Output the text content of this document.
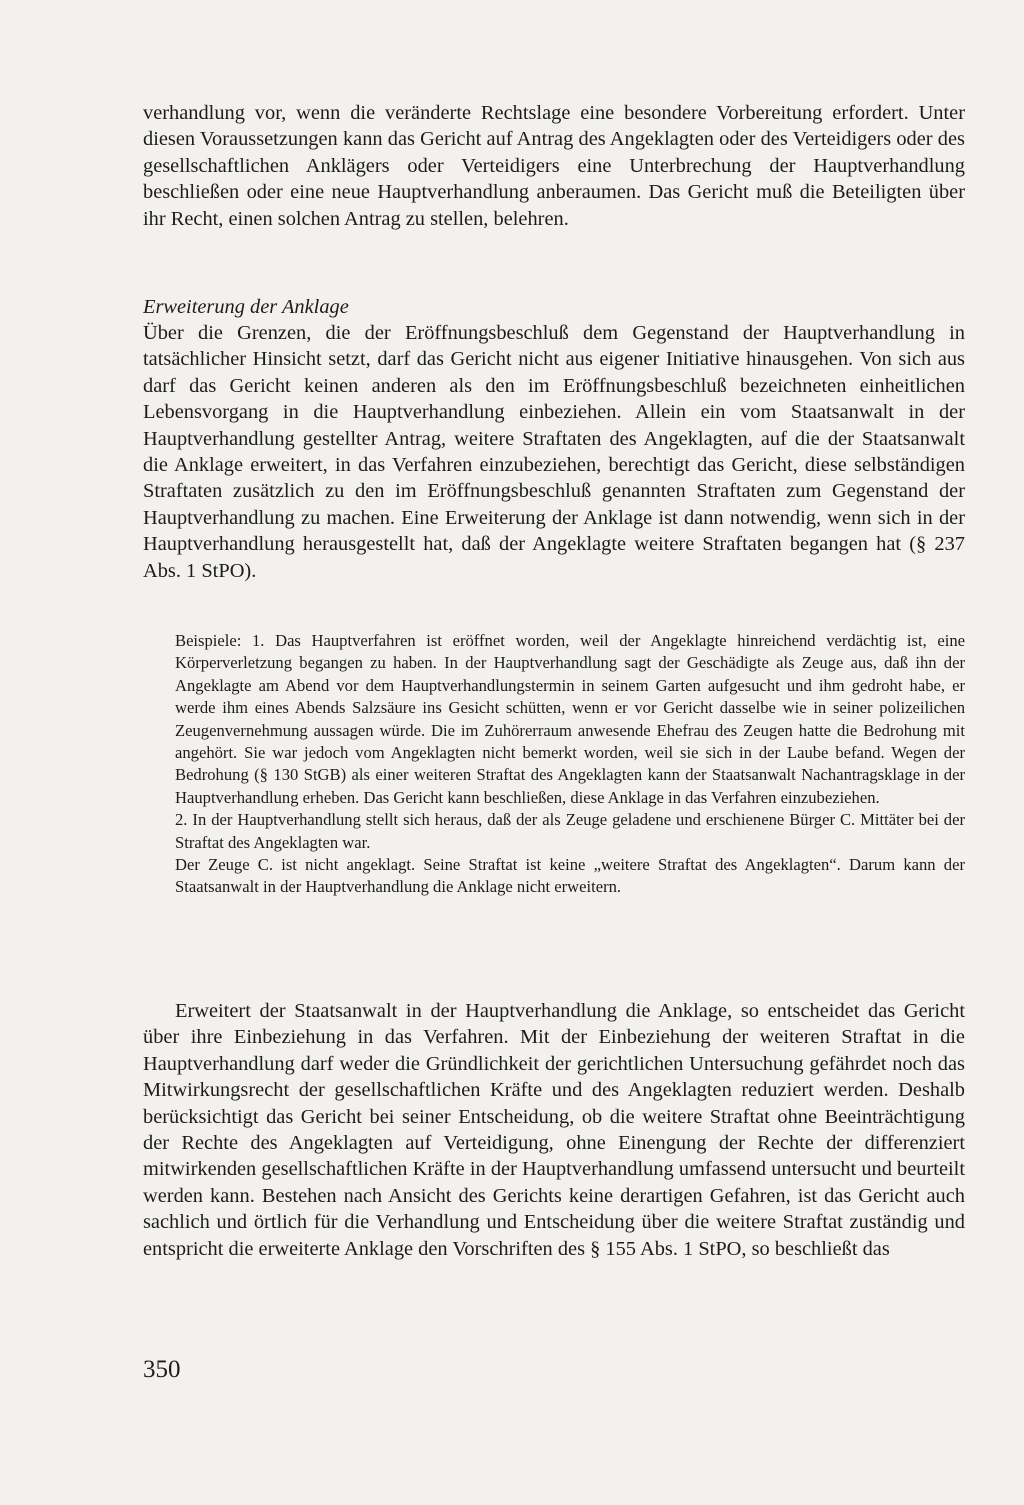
verhandlung vor, wenn die veränderte Rechtslage eine besondere Vorbereitung erfordert. Unter diesen Voraussetzungen kann das Gericht auf Antrag des Angeklagten oder des Verteidigers oder des gesellschaftlichen Anklägers oder Verteidigers eine Unterbrechung der Hauptverhandlung beschließen oder eine neue Hauptverhandlung anberaumen. Das Gericht muß die Beteiligten über ihr Recht, einen solchen Antrag zu stellen, belehren.

Erweiterung der Anklage

Über die Grenzen, die der Eröffnungsbeschluß dem Gegenstand der Hauptverhandlung in tatsächlicher Hinsicht setzt, darf das Gericht nicht aus eigener Initiative hinausgehen. Von sich aus darf das Gericht keinen anderen als den im Eröffnungsbeschluß bezeichneten einheitlichen Lebensvorgang in die Hauptverhandlung einbeziehen. Allein ein vom Staatsanwalt in der Hauptverhandlung gestellter Antrag, weitere Straftaten des Angeklagten, auf die der Staatsanwalt die Anklage erweitert, in das Verfahren einzubeziehen, berechtigt das Gericht, diese selbständigen Straftaten zusätzlich zu den im Eröffnungsbeschluß genannten Straftaten zum Gegenstand der Hauptverhandlung zu machen. Eine Erweiterung der Anklage ist dann notwendig, wenn sich in der Hauptverhandlung herausgestellt hat, daß der Angeklagte weitere Straftaten begangen hat (§ 237 Abs. 1 StPO).

Beispiele: 1. Das Hauptverfahren ist eröffnet worden, weil der Angeklagte hinreichend verdächtig ist, eine Körperverletzung begangen zu haben. In der Hauptverhandlung sagt der Geschädigte als Zeuge aus, daß ihn der Angeklagte am Abend vor dem Hauptverhandlungstermin in seinem Garten aufgesucht und ihm gedroht habe, er werde ihm eines Abends Salzsäure ins Gesicht schütten, wenn er vor Gericht dasselbe wie in seiner polizeilichen Zeugenvernehmung aussagen würde. Die im Zuhörerraum anwesende Ehefrau des Zeugen hatte die Bedrohung mit angehört. Sie war jedoch vom Angeklagten nicht bemerkt worden, weil sie sich in der Laube befand. Wegen der Bedrohung (§ 130 StGB) als einer weiteren Straftat des Angeklagten kann der Staatsanwalt Nachantragsklage in der Hauptverhandlung erheben. Das Gericht kann beschließen, diese Anklage in das Verfahren einzubeziehen.

2. In der Hauptverhandlung stellt sich heraus, daß der als Zeuge geladene und erschienene Bürger C. Mittäter bei der Straftat des Angeklagten war.

Der Zeuge C. ist nicht angeklagt. Seine Straftat ist keine „weitere Straftat des Angeklagten“. Darum kann der Staatsanwalt in der Hauptverhandlung die Anklage nicht erweitern.

Erweitert der Staatsanwalt in der Hauptverhandlung die Anklage, so entscheidet das Gericht über ihre Einbeziehung in das Verfahren. Mit der Einbeziehung der weiteren Straftat in die Hauptverhandlung darf weder die Gründlichkeit der gerichtlichen Untersuchung gefährdet noch das Mitwirkungsrecht der gesellschaftlichen Kräfte und des Angeklagten reduziert werden. Deshalb berücksichtigt das Gericht bei seiner Entscheidung, ob die weitere Straftat ohne Beeinträchtigung der Rechte des Angeklagten auf Verteidigung, ohne Einengung der Rechte der differenziert mitwirkenden gesellschaftlichen Kräfte in der Hauptverhandlung umfassend untersucht und beurteilt werden kann. Bestehen nach Ansicht des Gerichts keine derartigen Gefahren, ist das Gericht auch sachlich und örtlich für die Verhandlung und Entscheidung über die weitere Straftat zuständig und entspricht die erweiterte Anklage den Vorschriften des § 155 Abs. 1 StPO, so beschließt das

350
